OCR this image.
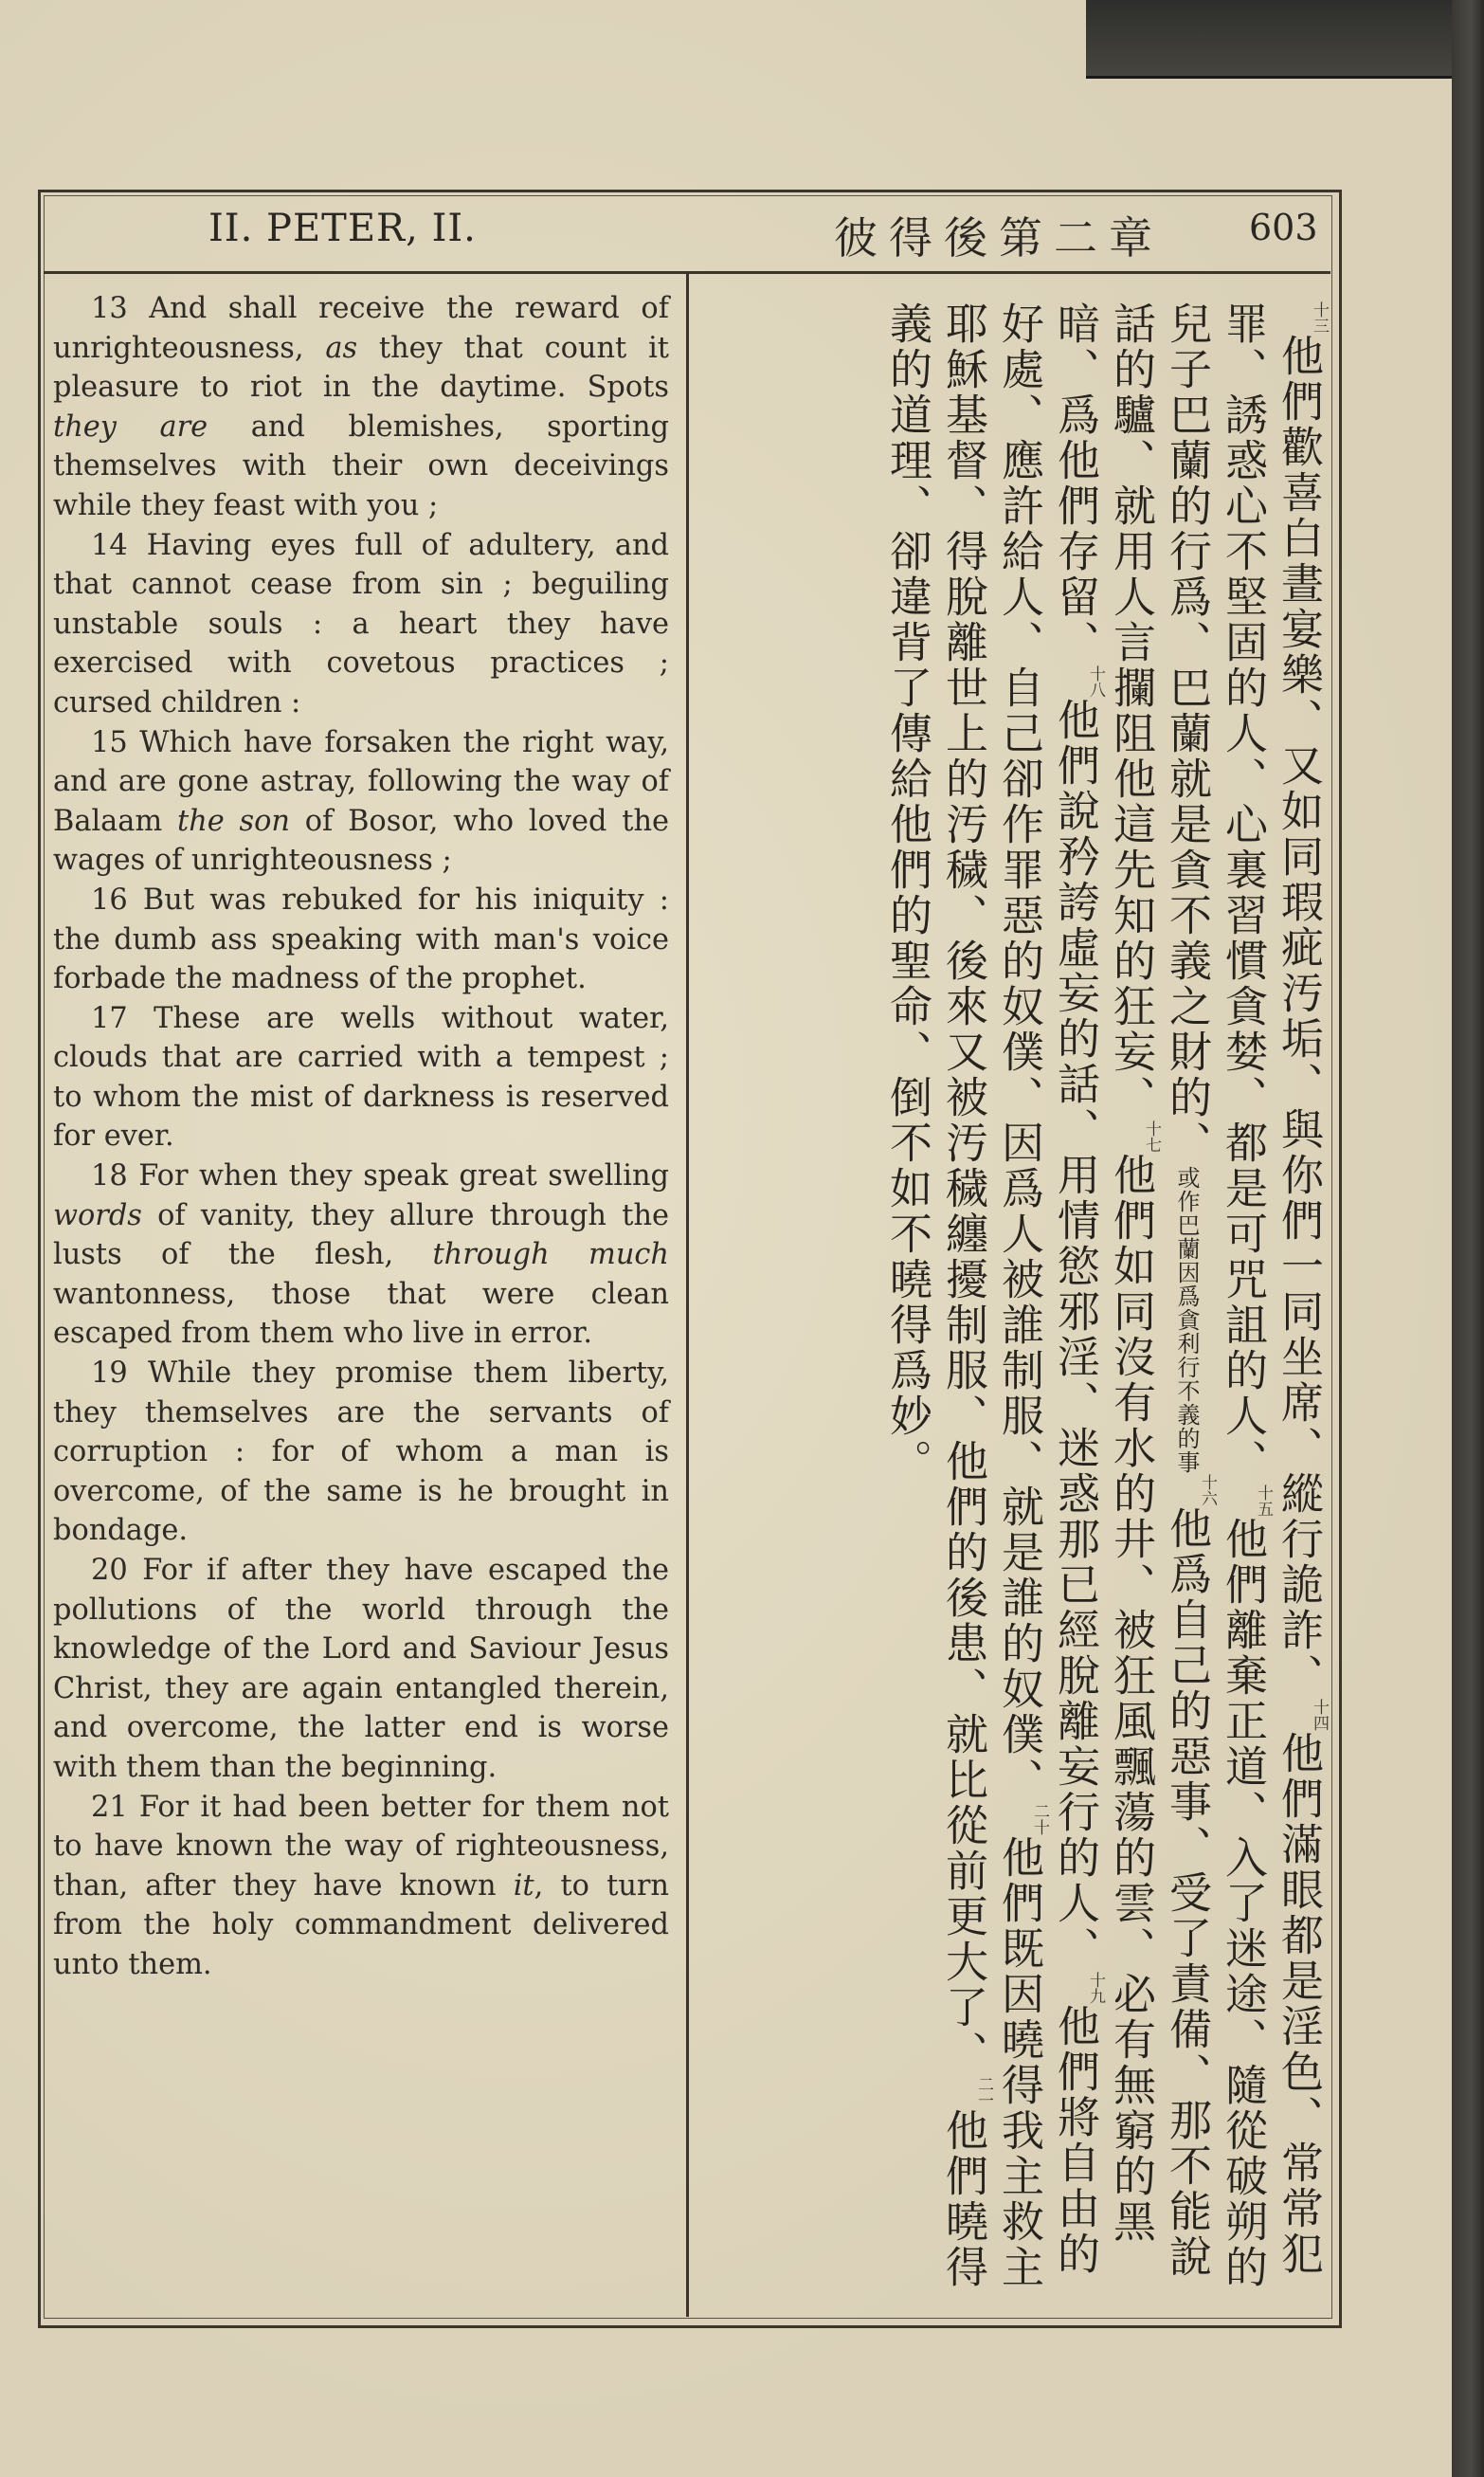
II. PETER, II.	彼得後第二章 603

13 And shall receive the reward of unrighteousness, as they that count it pleasure to riot in the daytime. Spots they are and blemishes, sporting themselves with their own deceivings while they feast with you ;

14 Having eyes full of adultery, and that cannot cease from sin ; beguiling unstable souls : a heart they have exercised with covetous practices ; cursed children :

15 Which have forsaken the right way, and are gone astray, following the way of Balaam the son of Bosor, who loved the wages of unrighteousness ;

16 But was rebuked for his iniquity : the dumb ass speaking with man's voice forbade the madness of the prophet.

17 These are wells without water, clouds that are carried with a tempest ; to whom the mist of darkness is reserved for ever.

18 For when they speak great swelling words of vanity, they allure through the lusts of the flesh, through much wantonness, those that were clean escaped from them who live in error.

19 While they promise them liberty, they themselves are the servants of corruption : for of whom a man is overcome, of the same is he brought in bondage.

20 For if after they have escaped the pollutions of the world through the knowledge of the Lord and Saviour Jesus Christ, they are again entangled therein, and overcome, the latter end is worse with them than the beginning.

21 For it had been better for them not to have known the way of righteousness, than, after they have known it, to turn from the holy commandment delivered unto them.

$^{十三}$他們歡喜白晝宴樂、又如同瑕疵汚垢、與你們一同坐席、縱行詭詐、$^{十四}$他們滿眼都是淫色、常常犯罪、誘惑心不堅固的人、心裏習慣貪婪、都是可咒詛的人、$^{十五}$他們離棄正道、入了迷途、隨從破朔的兒子巴蘭的行爲、巴蘭就是貪不義之財的、或作巴蘭因爲貪利行不義的事$^{十六}$他爲自己的惡事、受了責備、那不能說話的驢、就用人言攔阻他這先知的狂妄、$^{十七}$他們如同沒有水的井、被狂風飄蕩的雲、必有無窮的黑暗、爲他們存留、$^{十八}$他們說矜誇虛妄的話、用情慾邪淫、迷惑那已經脫離妄行的人、$^{十九}$他們將自由的好處、應許給人、自己卻作罪惡的奴僕、因爲人被誰制服、就是誰的奴僕、$^{二十}$他們既因曉得我主救主耶穌基督、得脫離世上的汚穢、後來又被汚穢纏擾制服、他們的後患、就比從前更大了、$^{二一}$他們曉得義的道理、卻違背了傳給他們的聖命、倒不如不曉得爲妙。
